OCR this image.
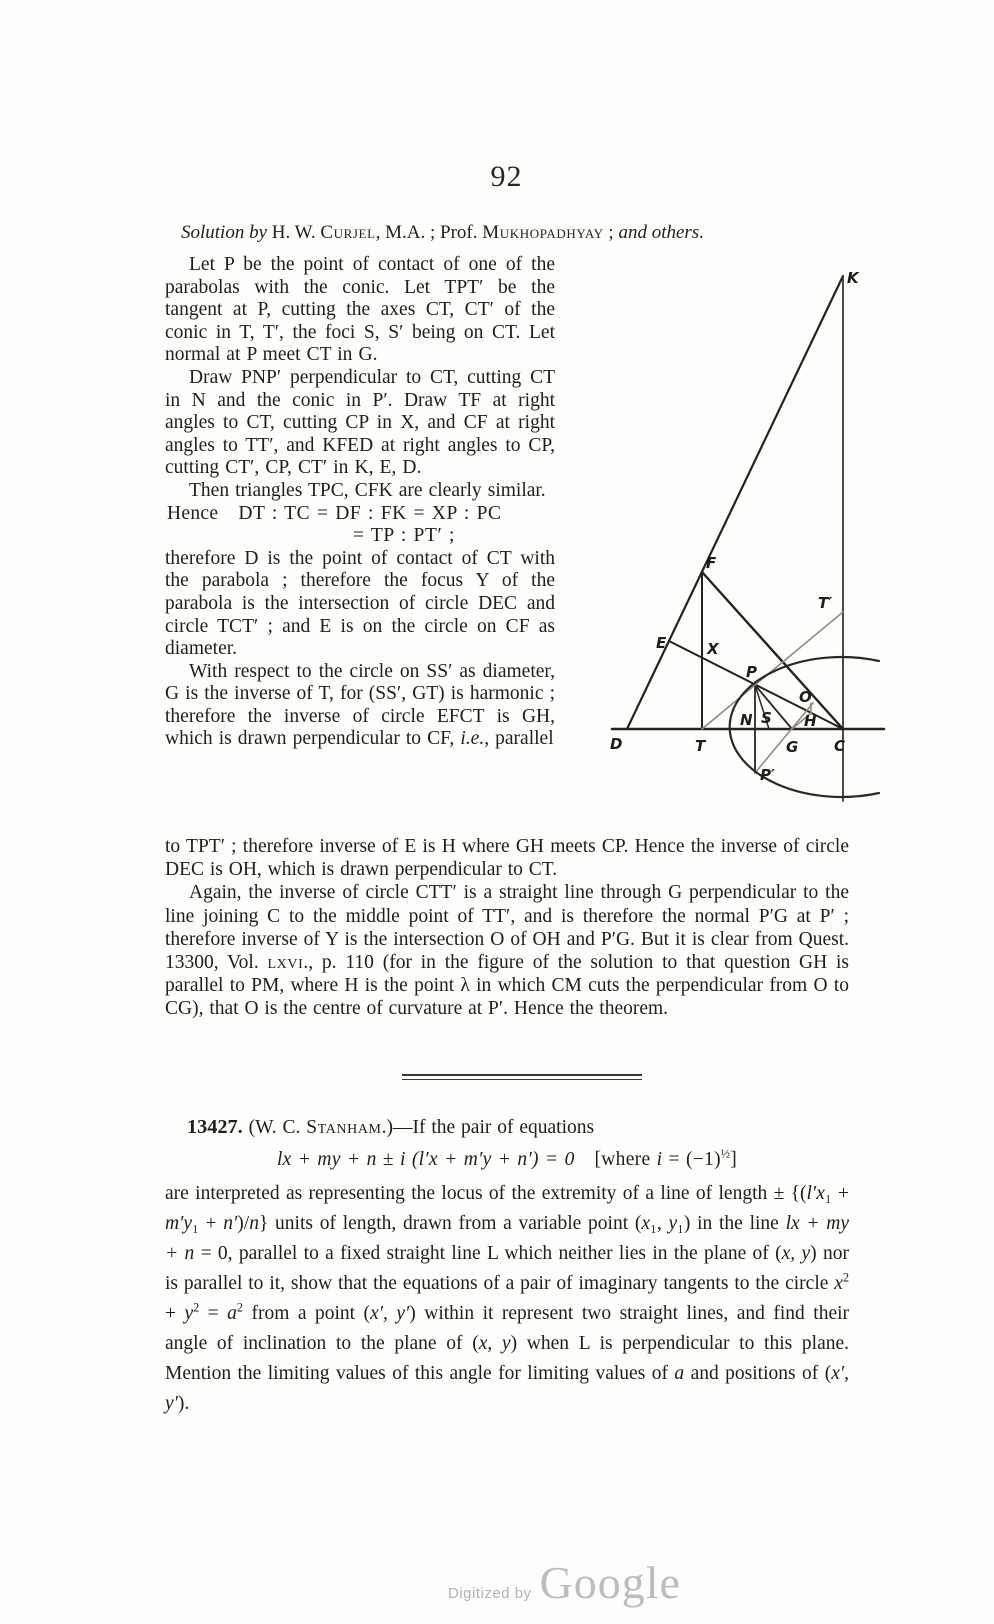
92
Solution by H. W. Curjel, M.A. ; Prof. Mukhopadhyay ; and others.

Let P be the point of contact of one of the parabolas with the conic. Let TPT′ be the tangent at P, cutting the axes CT, CT′ of the conic in T, T′, the foci S, S′ being on CT. Let normal at P meet CT in G.

Draw PNP′ perpendicular to CT, cutting CT in N and the conic in P′. Draw TF at right angles to CT, cutting CP in X, and CF at right angles to TT′, and KFED at right angles to CP, cutting CT′, CP, CT′ in K, E, D.

Then triangles TPC, CFK are clearly similar.

Hence DT : TC = DF : FK = XP : PC
= TP : PT′ ;

therefore D is the point of contact of CT with the parabola ; therefore the focus Y of the parabola is the intersection of circle DEC and circle TCT′ ; and E is on the circle on CF as diameter.

With respect to the circle on SS′ as diameter, G is the inverse of T, for (SS′, GT) is harmonic ; therefore the inverse of circle EFCT is GH, which is drawn perpendicular to CF, i.e., parallel

K
F
E	X
T′
P
O
H
N S
D	T	G C
P′

to TPT′ ; therefore inverse of E is H where GH meets CP. Hence the inverse of circle DEC is OH, which is drawn perpendicular to CT.

Again, the inverse of circle CTT′ is a straight line through G perpendicular to the line joining C to the middle point of TT′, and is therefore the normal P′G at P′ ; therefore inverse of Y is the intersection O of OH and P′G. But it is clear from Quest. 13300, Vol. lxvi., p. 110 (for in the figure of the solution to that question GH is parallel to PM, where H is the point λ in which CM cuts the perpendicular from O to CG), that O is the centre of curvature at P′. Hence the theorem.

13427. (W. C. Stanham.)—If the pair of equations

lx + my + n ± i (l′x + m′y + n′) = 0 [where $i = (-1)^{\frac{1}{2}}$]

are interpreted as representing the locus of the extremity of a line of length ± {(l′x₁ + m′y₁ + n′)/n} units of length, drawn from a variable point (x₁, y₁) in the line lx + my + n = 0, parallel to a fixed straight line L which neither lies in the plane of (x, y) nor is parallel to it, show that the equations of a pair of imaginary tangents to the circle $x^2 + y^2 = a^2$ from a point (x′, y′) within it represent two straight lines, and find their angle of inclination to the plane of (x, y) when L is perpendicular to this plane. Mention the limiting values of this angle for limiting values of a and positions of (x′, y′).

Digitized by Google
